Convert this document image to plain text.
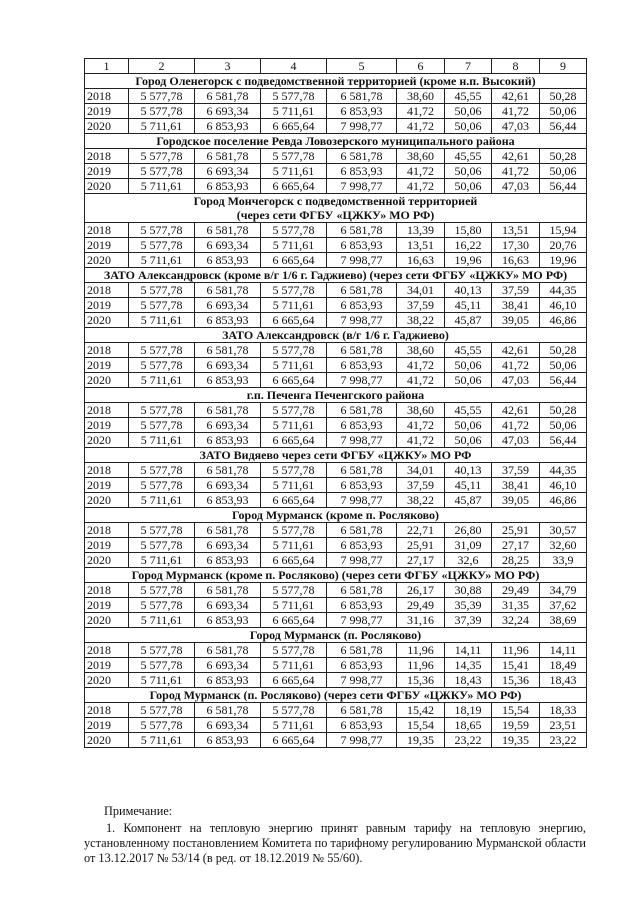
1	2	3	4	5	6	7	8	9

Город Оленегорск с подведомственной территорией (кроме н.п. Высокий)								

2018	5 577,78	6 581,78	5 577,78	6 581,78	38,60	45,55	42,61	50,28
2019	5 577,78	6 693,34	5 711,61	6 853,93	41,72	50,06	41,72	50,06
2020	5 711,61	6 853,93	6 665,64	7 998,77	41,72	50,06	47,03	56,44

Городское поселение Ревда Ловозерского муниципального района								

2018	5 577,78	6 581,78	5 577,78	6 581,78	38,60	45,55	42,61	50,28
2019	5 577,78	6 693,34	5 711,61	6 853,93	41,72	50,06	41,72	50,06
2020	5 711,61	6 853,93	6 665,64	7 998,77	41,72	50,06	47,03	56,44

Город Мончегорск с подведомственной территорией
(через сети ФГБУ «ЦЖКУ» МО РФ)								

2018	5 577,78	6 581,78	5 577,78	6 581,78	13,39	15,80	13,51	15,94
2019	5 577,78	6 693,34	5 711,61	6 853,93	13,51	16,22	17,30	20,76
2020	5 711,61	6 853,93	6 665,64	7 998,77	16,63	19,96	16,63	19,96

ЗАТО Александровск (кроме в/г 1/6 г. Гаджиево) (через сети ФГБУ «ЦЖКУ» МО РФ)								

2018	5 577,78	6 581,78	5 577,78	6 581,78	34,01	40,13	37,59	44,35
2019	5 577,78	6 693,34	5 711,61	6 853,93	37,59	45,11	38,41	46,10
2020	5 711,61	6 853,93	6 665,64	7 998,77	38,22	45,87	39,05	46,86

ЗАТО Александровск (в/г 1/6 г. Гаджиево)								

2018	5 577,78	6 581,78	5 577,78	6 581,78	38,60	45,55	42,61	50,28
2019	5 577,78	6 693,34	5 711,61	6 853,93	41,72	50,06	41,72	50,06
2020	5 711,61	6 853,93	6 665,64	7 998,77	41,72	50,06	47,03	56,44

г.п. Печенга Печенгского района								

2018	5 577,78	6 581,78	5 577,78	6 581,78	38,60	45,55	42,61	50,28
2019	5 577,78	6 693,34	5 711,61	6 853,93	41,72	50,06	41,72	50,06
2020	5 711,61	6 853,93	6 665,64	7 998,77	41,72	50,06	47,03	56,44

ЗАТО Видяево через сети ФГБУ «ЦЖКУ» МО РФ								

2018	5 577,78	6 581,78	5 577,78	6 581,78	34,01	40,13	37,59	44,35
2019	5 577,78	6 693,34	5 711,61	6 853,93	37,59	45,11	38,41	46,10
2020	5 711,61	6 853,93	6 665,64	7 998,77	38,22	45,87	39,05	46,86

Город Мурманск (кроме п. Росляково)								

2018	5 577,78	6 581,78	5 577,78	6 581,78	22,71	26,80	25,91	30,57
2019	5 577,78	6 693,34	5 711,61	6 853,93	25,91	31,09	27,17	32,60
2020	5 711,61	6 853,93	6 665,64	7 998,77	27,17	32,6	28,25	33,9

Город Мурманск (кроме п. Росляково) (через сети ФГБУ «ЦЖКУ» МО РФ)								

2018	5 577,78	6 581,78	5 577,78	6 581,78	26,17	30,88	29,49	34,79
2019	5 577,78	6 693,34	5 711,61	6 853,93	29,49	35,39	31,35	37,62
2020	5 711,61	6 853,93	6 665,64	7 998,77	31,16	37,39	32,24	38,69

Город Мурманск (п. Росляково)								

2018	5 577,78	6 581,78	5 577,78	6 581,78	11,96	14,11	11,96	14,11
2019	5 577,78	6 693,34	5 711,61	6 853,93	11,96	14,35	15,41	18,49
2020	5 711,61	6 853,93	6 665,64	7 998,77	15,36	18,43	15,36	18,43

Город Мурманск (п. Росляково) (через сети ФГБУ «ЦЖКУ» МО РФ)								

2018	5 577,78	6 581,78	5 577,78	6 581,78	15,42	18,19	15,54	18,33
2019	5 577,78	6 693,34	5 711,61	6 853,93	15,54	18,65	19,59	23,51
2020	5 711,61	6 853,93	6 665,64	7 998,77	19,35	23,22	19,35	23,22
Примечание:
1. Компонент на тепловую энергию принят равным тарифу на тепловую энергию, установленному постановлением Комитета по тарифному регулированию Мурманской области от 13.12.2017 № 53/14 (в ред. от 18.12.2019 № 55/60).
